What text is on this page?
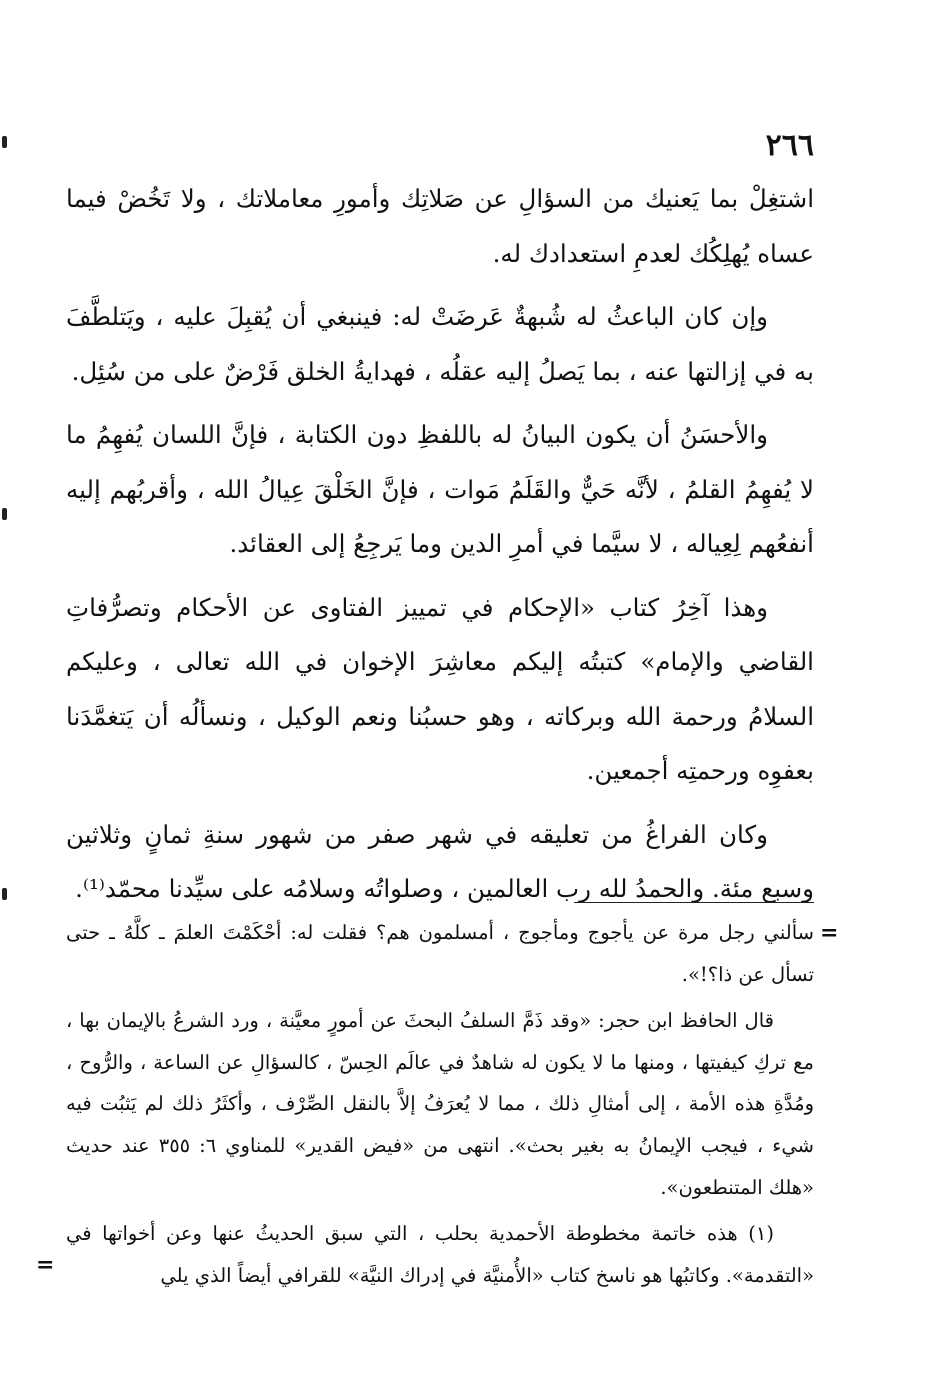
٢٦٦

اشتغِلْ بما يَعنيك من السؤالِ عن صَلاتِك وأمورِ معاملاتك ، ولا تَخُضْ فيما عساه يُهلِكُك لعدمِ استعدادك له.

وإن كان الباعثُ له شُبهةٌ عَرضَتْ له: فينبغي أن يُقبِلَ عليه ، ويَتلطَّفَ به في إزالتها عنه ، بما يَصلُ إليه عقلُه ، فهدايةُ الخلق فَرْضٌ على من سُئِل.

والأحسَنُ أن يكون البيانُ له باللفظِ دون الكتابة ، فإنَّ اللسان يُفهِمُ ما لا يُفهِمُ القلمُ ، لأنَّه حَيٌّ والقَلَمُ مَوات ، فإنَّ الخَلْقَ عِيالُ الله ، وأقربُهم إليه أنفعُهم لِعِياله ، لا سيَّما في أمرِ الدين وما يَرجِعُ إلى العقائد.

وهذا آخِرُ كتاب «الإحكام في تمييز الفتاوى عن الأحكام وتصرُّفاتِ القاضي والإمام» كتبتُه إليكم معاشِرَ الإخوان في الله تعالى ، وعليكم السلامُ ورحمة الله وبركاته ، وهو حسبُنا ونعم الوكيل ، ونسألُه أن يَتغمَّدَنا بعفوِه ورحمتِه أجمعين.

وكان الفراغُ من تعليقه في شهر صفر من شهور سنةِ ثمانٍ وثلاثين وسبع مئة. والحمدُ لله رب العالمين ، وصلواتُه وسلامُه على سيِّدنا محمّد⁽¹⁾.

=

سألني رجل مرة عن يأجوج ومأجوج ، أمسلمون هم؟ فقلت له: أحْكَمْتَ العلمَ ـ كلَّهُ ـ حتى تسأل عن ذا؟!».

قال الحافظ ابن حجر: «وقد ذَمَّ السلفُ البحثَ عن أمورٍ معيَّنة ، ورد الشرعُ بالإيمان بها ، مع تركِ كيفيتها ، ومنها ما لا يكون له شاهدٌ في عالَم الحِسّ ، كالسؤالِ عن الساعة ، والرُّوح ، ومُدَّةِ هذه الأمة ، إلى أمثالِ ذلك ، مما لا يُعرَفُ إلاَّ بالنقل الصِّرْف ، وأكثَرُ ذلك لم يَثبُت فيه شيء ، فيجب الإيمانُ به بغير بحث». انتهى من «فيض القدير» للمناوي ٦: ٣٥٥ عند حديث «هلك المتنطعون».

(١) هذه خاتمة مخطوطة الأحمدية بحلب ، التي سبق الحديثُ عنها وعن أخواتها في «التقدمة». وكاتبُها هو ناسخ كتاب «الأُمنيَّة في إدراك النيَّة» للقرافي أيضاً الذي يلي

=
